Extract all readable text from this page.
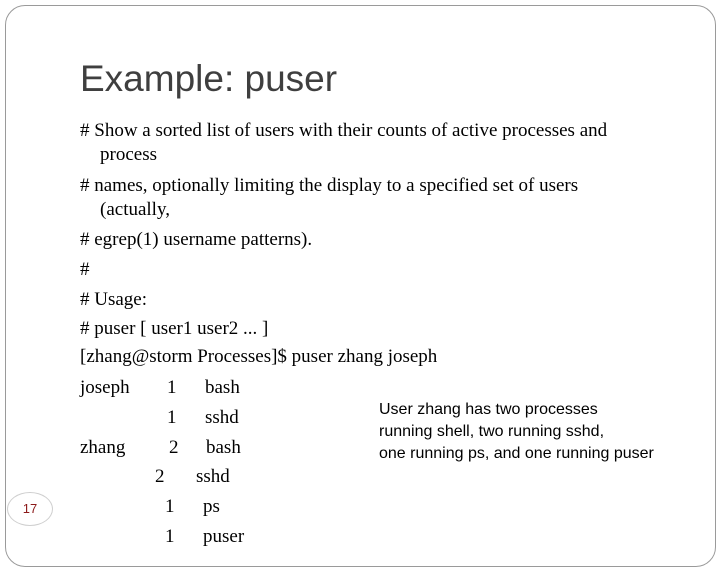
Example: puser
# Show a sorted list of users with their counts of active processes and
process
# names, optionally limiting the display to a specified set of users
(actually,
# egrep(1) username patterns).
#
# Usage:
# puser [ user1 user2 ... ]
[zhang@storm Processes]$ puser zhang joseph
joseph 1 bash
1 sshd
zhang 2 bash
2 sshd
1 ps
1 puser
User zhang has two processes
running shell, two running sshd,
one running ps, and one running puser
17
